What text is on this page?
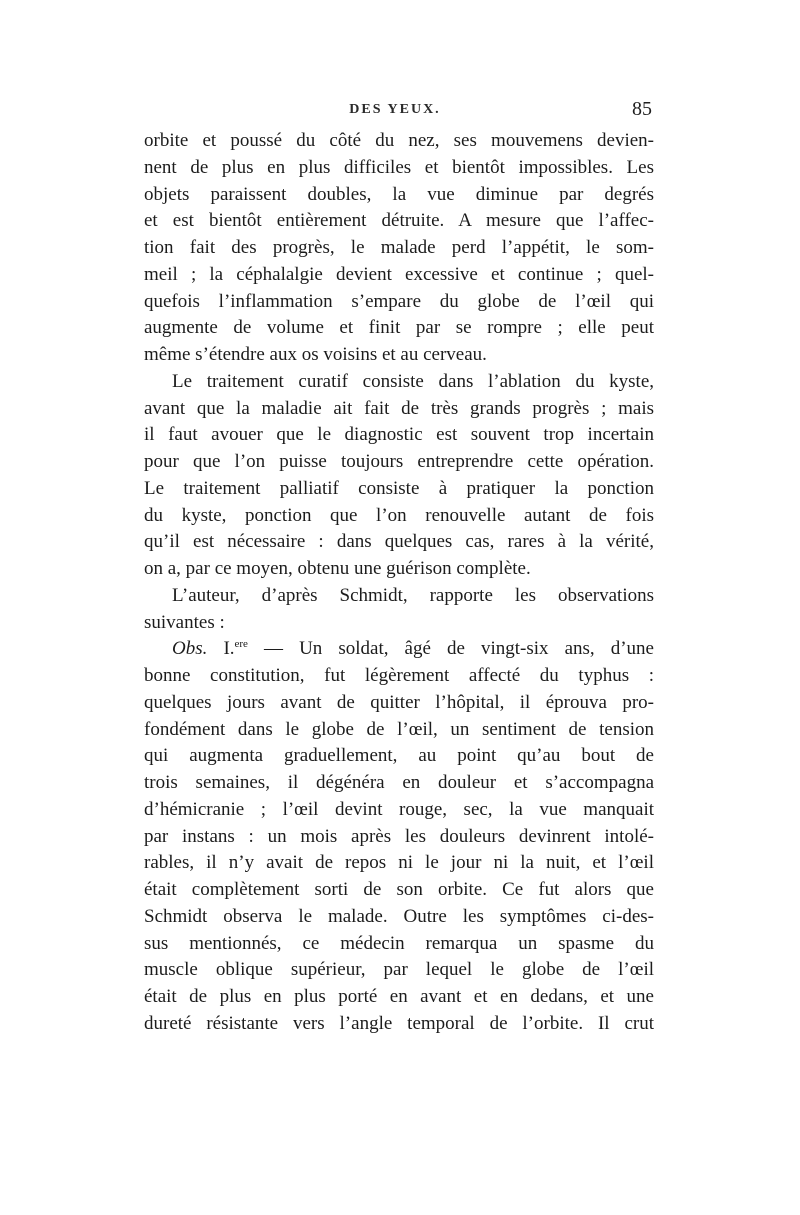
DES YEUX.	85
orbite et poussé du côté du nez, ses mouvemens devien-
nent de plus en plus difficiles et bientôt impossibles. Les
objets paraissent doubles, la vue diminue par degrés
et est bientôt entièrement détruite. A mesure que l’affec-
tion fait des progrès, le malade perd l’appétit, le som-
meil ; la céphalalgie devient excessive et continue ; quel-
quefois l’inflammation s’empare du globe de l’œil qui
augmente de volume et finit par se rompre ; elle peut
même s’étendre aux os voisins et au cerveau.
Le traitement curatif consiste dans l’ablation du kyste,
avant que la maladie ait fait de très grands progrès ; mais
il faut avouer que le diagnostic est souvent trop incertain
pour que l’on puisse toujours entreprendre cette opération.
Le traitement palliatif consiste à pratiquer la ponction
du kyste, ponction que l’on renouvelle autant de fois
qu’il est nécessaire : dans quelques cas, rares à la vérité,
on a, par ce moyen, obtenu une guérison complète.
L’auteur, d’après Schmidt, rapporte les observations
suivantes :
Obs. I.$^{ere}$ — Un soldat, âgé de vingt-six ans, d’une
bonne constitution, fut légèrement affecté du typhus :
quelques jours avant de quitter l’hôpital, il éprouva pro-
fondément dans le globe de l’œil, un sentiment de tension
qui augmenta graduellement, au point qu’au bout de
trois semaines, il dégénéra en douleur et s’accompagna
d’hémicranie ; l’œil devint rouge, sec, la vue manquait
par instans : un mois après les douleurs devinrent intolé-
rables, il n’y avait de repos ni le jour ni la nuit, et l’œil
était complètement sorti de son orbite. Ce fut alors que
Schmidt observa le malade. Outre les symptômes ci-des-
sus mentionnés, ce médecin remarqua un spasme du
muscle oblique supérieur, par lequel le globe de l’œil
était de plus en plus porté en avant et en dedans, et une
dureté résistante vers l’angle temporal de l’orbite. Il crut
